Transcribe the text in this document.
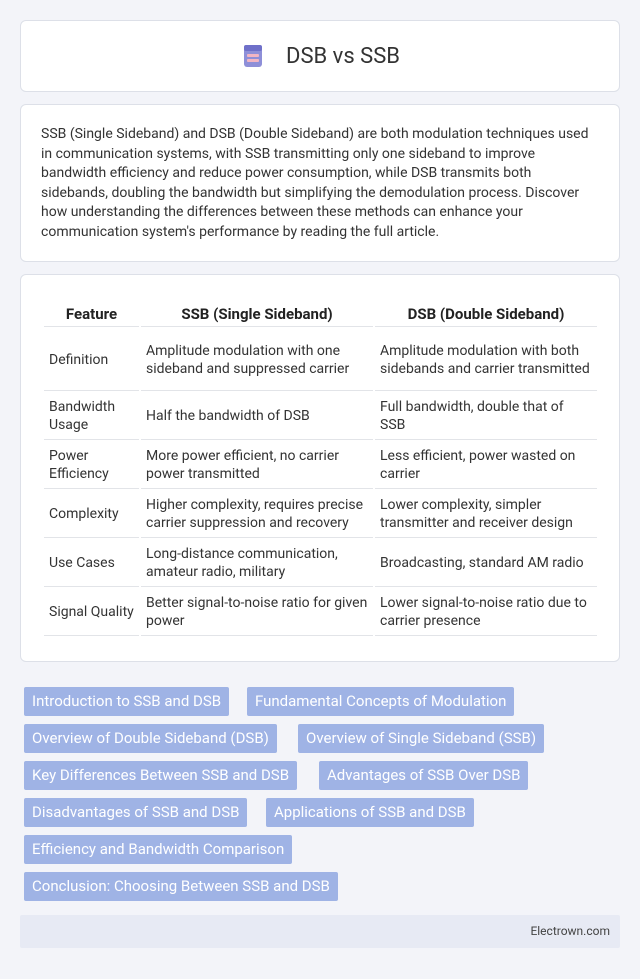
DSB vs SSB

SSB (Single Sideband) and DSB (Double Sideband) are both modulation techniques used in communication systems, with SSB transmitting only one sideband to improve bandwidth efficiency and reduce power consumption, while DSB transmits both sidebands, doubling the bandwidth but simplifying the demodulation process. Discover how understanding the differences between these methods can enhance your communication system's performance by reading the full article.

Feature	SSB (Single Sideband)	DSB (Double Sideband)
Definition	Amplitude modulation with one sideband and suppressed carrier	Amplitude modulation with both sidebands and carrier transmitted
Bandwidth Usage	Half the bandwidth of DSB	Full bandwidth, double that of SSB
Power Efficiency	More power efficient, no carrier power transmitted	Less efficient, power wasted on carrier
Complexity	Higher complexity, requires precise carrier suppression and recovery	Lower complexity, simpler transmitter and receiver design
Use Cases	Long-distance communication, amateur radio, military	Broadcasting, standard AM radio
Signal Quality	Better signal-to-noise ratio for given power	Lower signal-to-noise ratio due to carrier presence
Introduction to SSB and DSB	Fundamental Concepts of Modulation
Overview of Double Sideband (DSB)	Overview of Single Sideband (SSB)
Key Differences Between SSB and DSB	Advantages of SSB Over DSB
Disadvantages of SSB and DSB	Applications of SSB and DSB
Efficiency and Bandwidth Comparison
Conclusion: Choosing Between SSB and DSB
Electrown.com
